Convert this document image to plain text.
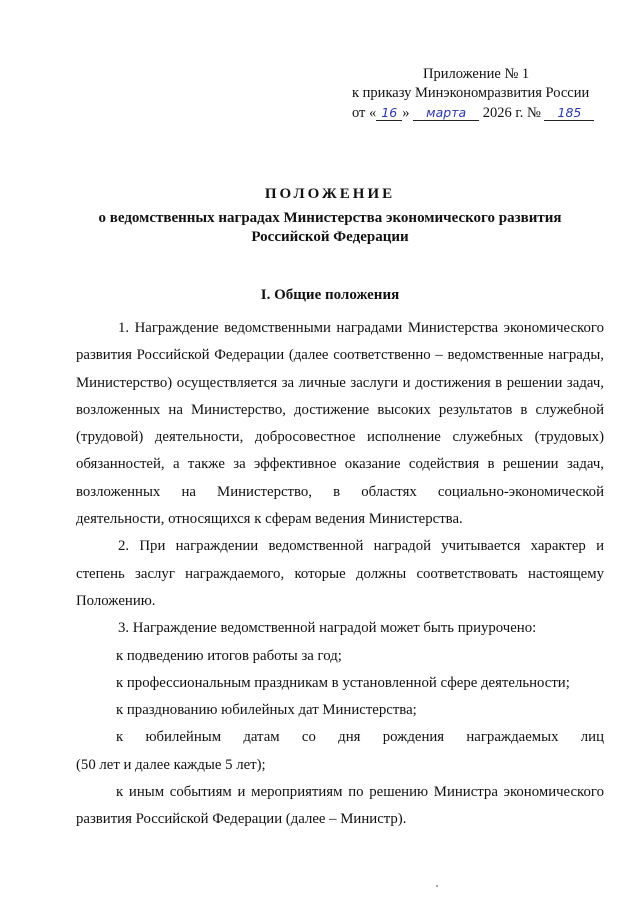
Приложение № 1
к приказу Минэкономразвития России
от « 16 » марта 2026 г. № 185
ПОЛОЖЕНИЕ
о ведомственных наградах Министерства экономического развития
Российской Федерации
I. Общие положения

1. Награждение ведомственными наградами Министерства экономического развития Российской Федерации (далее соответственно – ведомственные награды, Министерство) осуществляется за личные заслуги и достижения в решении задач, возложенных на Министерство, достижение высоких результатов в служебной (трудовой) деятельности, добросовестное исполнение служебных (трудовых) обязанностей, а также за эффективное оказание содействия в решении задач, возложенных на Министерство, в областях социально-экономической деятельности, относящихся к сферам ведения Министерства.

2. При награждении ведомственной наградой учитывается характер и степень заслуг награждаемого, которые должны соответствовать настоящему Положению.

3. Награждение ведомственной наградой может быть приурочено:

к подведению итогов работы за год;

к профессиональным праздникам в установленной сфере деятельности;

к празднованию юбилейных дат Министерства;

к юбилейным датам со дня рождения награждаемых лиц

(50 лет и далее каждые 5 лет);

к иным событиям и мероприятиям по решению Министра экономического развития Российской Федерации (далее – Министр).
